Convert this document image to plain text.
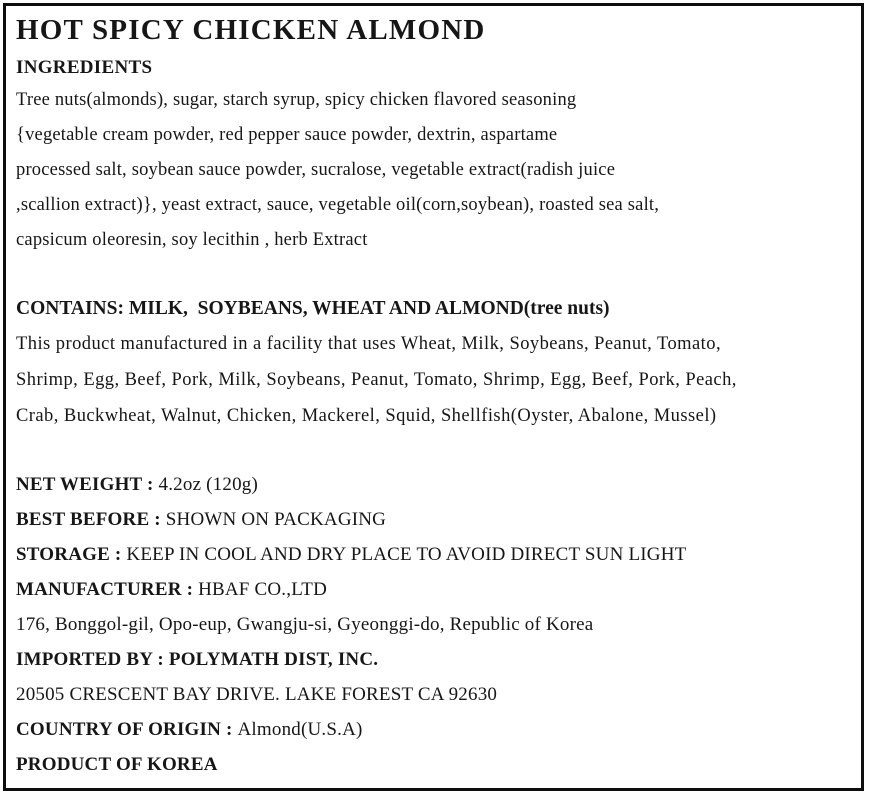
HOT SPICY CHICKEN ALMOND
INGREDIENTS
Tree nuts(almonds), sugar, starch syrup, spicy chicken flavored seasoning
{vegetable cream powder, red pepper sauce powder, dextrin, aspartame
processed salt, soybean sauce powder, sucralose, vegetable extract(radish juice
,scallion extract)}, yeast extract, sauce, vegetable oil(corn,soybean), roasted sea salt,
capsicum oleoresin, soy lecithin , herb Extract
CONTAINS: MILK,  SOYBEANS, WHEAT AND ALMOND(tree nuts)
This product manufactured in a facility that uses Wheat, Milk, Soybeans, Peanut, Tomato,
Shrimp, Egg, Beef, Pork, Milk, Soybeans, Peanut, Tomato, Shrimp, Egg, Beef, Pork, Peach,
Crab, Buckwheat, Walnut, Chicken, Mackerel, Squid, Shellfish(Oyster, Abalone, Mussel)
NET WEIGHT : 4.2oz (120g)
BEST BEFORE : SHOWN ON PACKAGING
STORAGE : KEEP IN COOL AND DRY PLACE TO AVOID DIRECT SUN LIGHT
MANUFACTURER : HBAF CO.,LTD
176, Bonggol-gil, Opo-eup, Gwangju-si, Gyeonggi-do, Republic of Korea
IMPORTED BY : POLYMATH DIST, INC.
20505 CRESCENT BAY DRIVE. LAKE FOREST CA 92630
COUNTRY OF ORIGIN : Almond(U.S.A)
PRODUCT OF KOREA
